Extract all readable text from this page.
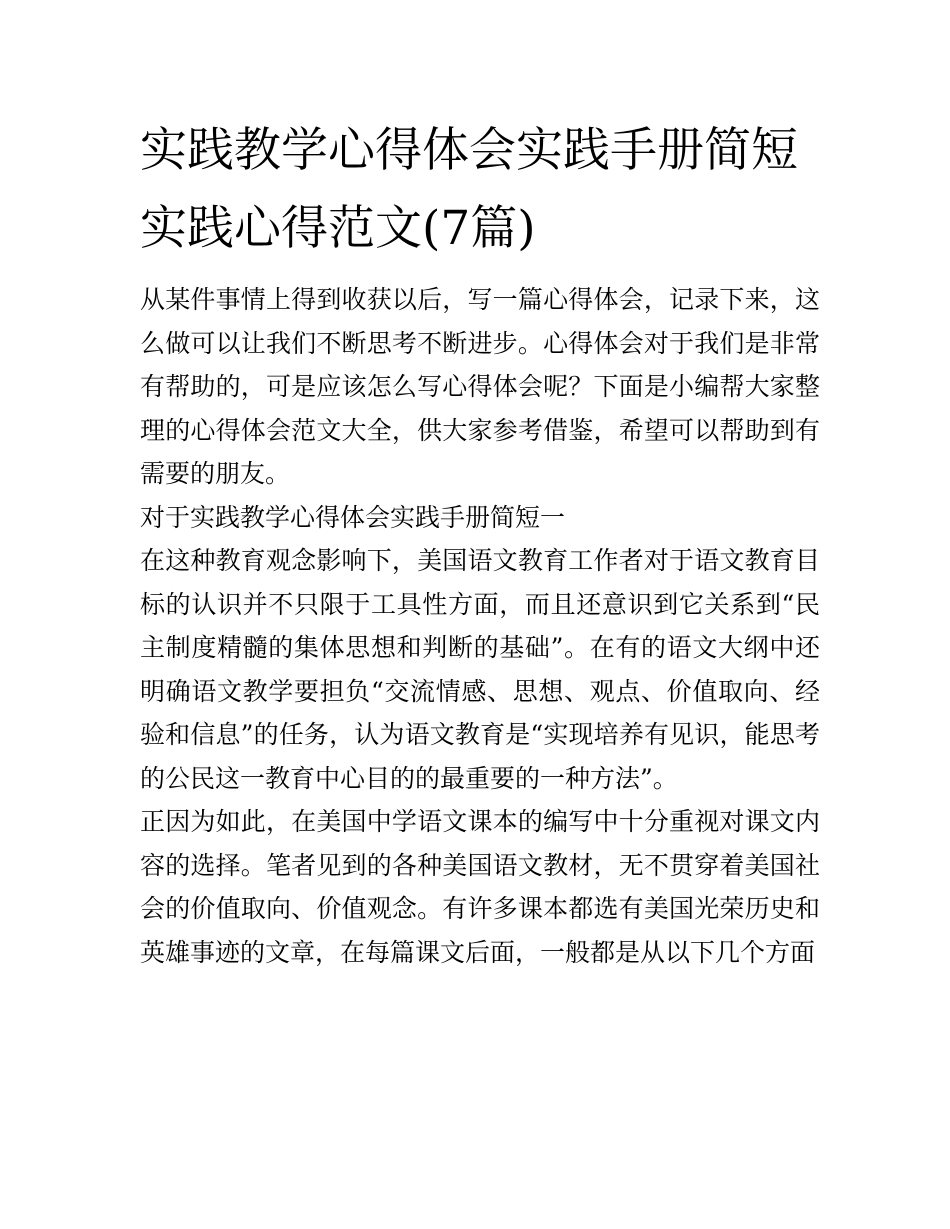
实践教学心得体会实践手册简短 实践心得范文(7篇)

从某件事情上得到收获以后，写一篇心得体会，记录下来，这么做可以让我们不断思考不断进步。心得体会对于我们是非常有帮助的，可是应该怎么写心得体会呢？下面是小编帮大家整理的心得体会范文大全，供大家参考借鉴，希望可以帮助到有需要的朋友。

对于实践教学心得体会实践手册简短一

在这种教育观念影响下，美国语文教育工作者对于语文教育目标的认识并不只限于工具性方面，而且还意识到它关系到“民主制度精髓的集体思想和判断的基础”。在有的语文大纲中还明确语文教学要担负“交流情感、思想、观点、价值取向、经验和信息”的任务，认为语文教育是“实现培养有见识，能思考的公民这一教育中心目的的最重要的一种方法”。

正因为如此，在美国中学语文课本的编写中十分重视对课文内容的选择。笔者见到的各种美国语文教材，无不贯穿着美国社会的价值取向、价值观念。有许多课本都选有美国光荣历史和英雄事迹的文章，在每篇课文后面，一般都是从以下几个方面
